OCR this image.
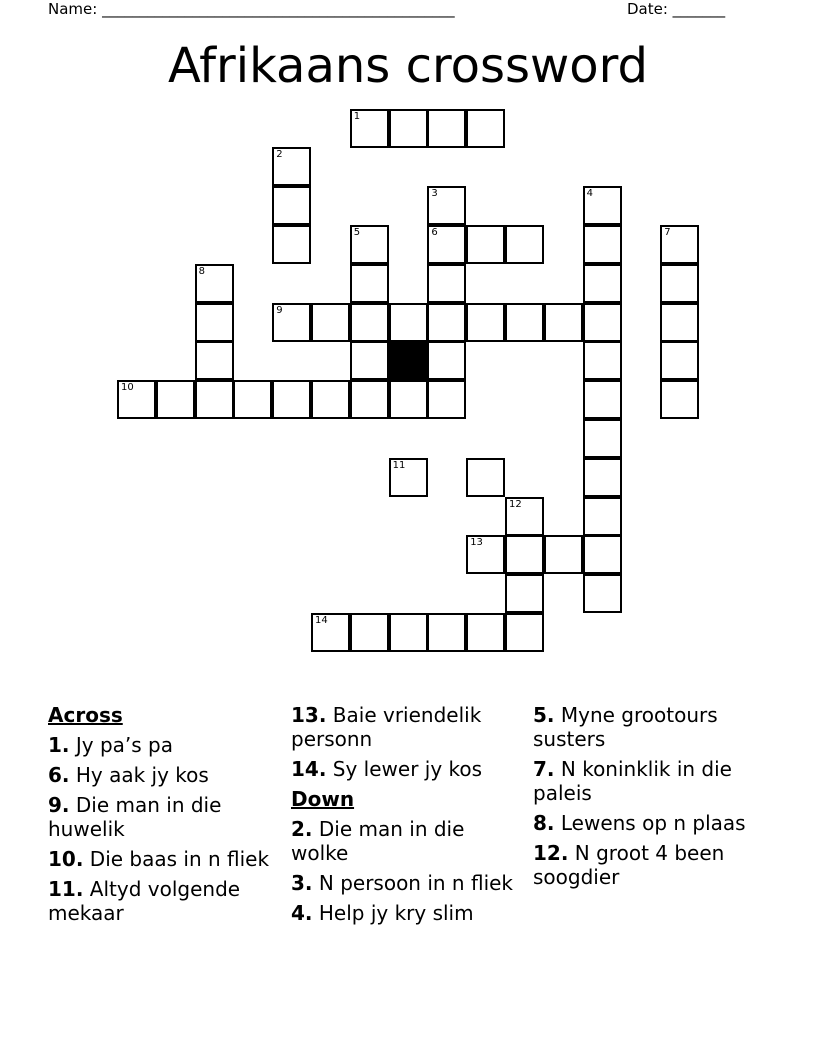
Name: _______________________________________________	Date: _______
Afrikaans crossword
1
2
3
6
4
5	7
8
9
10
11
12
13
14
Across
1. Jy pa’s pa
6. Hy aak jy kos
9. Die man in die huwelik
10. Die baas in n fliek
11. Altyd volgende mekaar
13. Baie vriendelik personn
14. Sy lewer jy kos
Down
2. Die man in die wolke
3. N persoon in n fliek
4. Help jy kry slim
5. Myne grootours susters
7. N koninklik in die paleis
8. Lewens op n plaas
12. N groot 4 been soogdier
